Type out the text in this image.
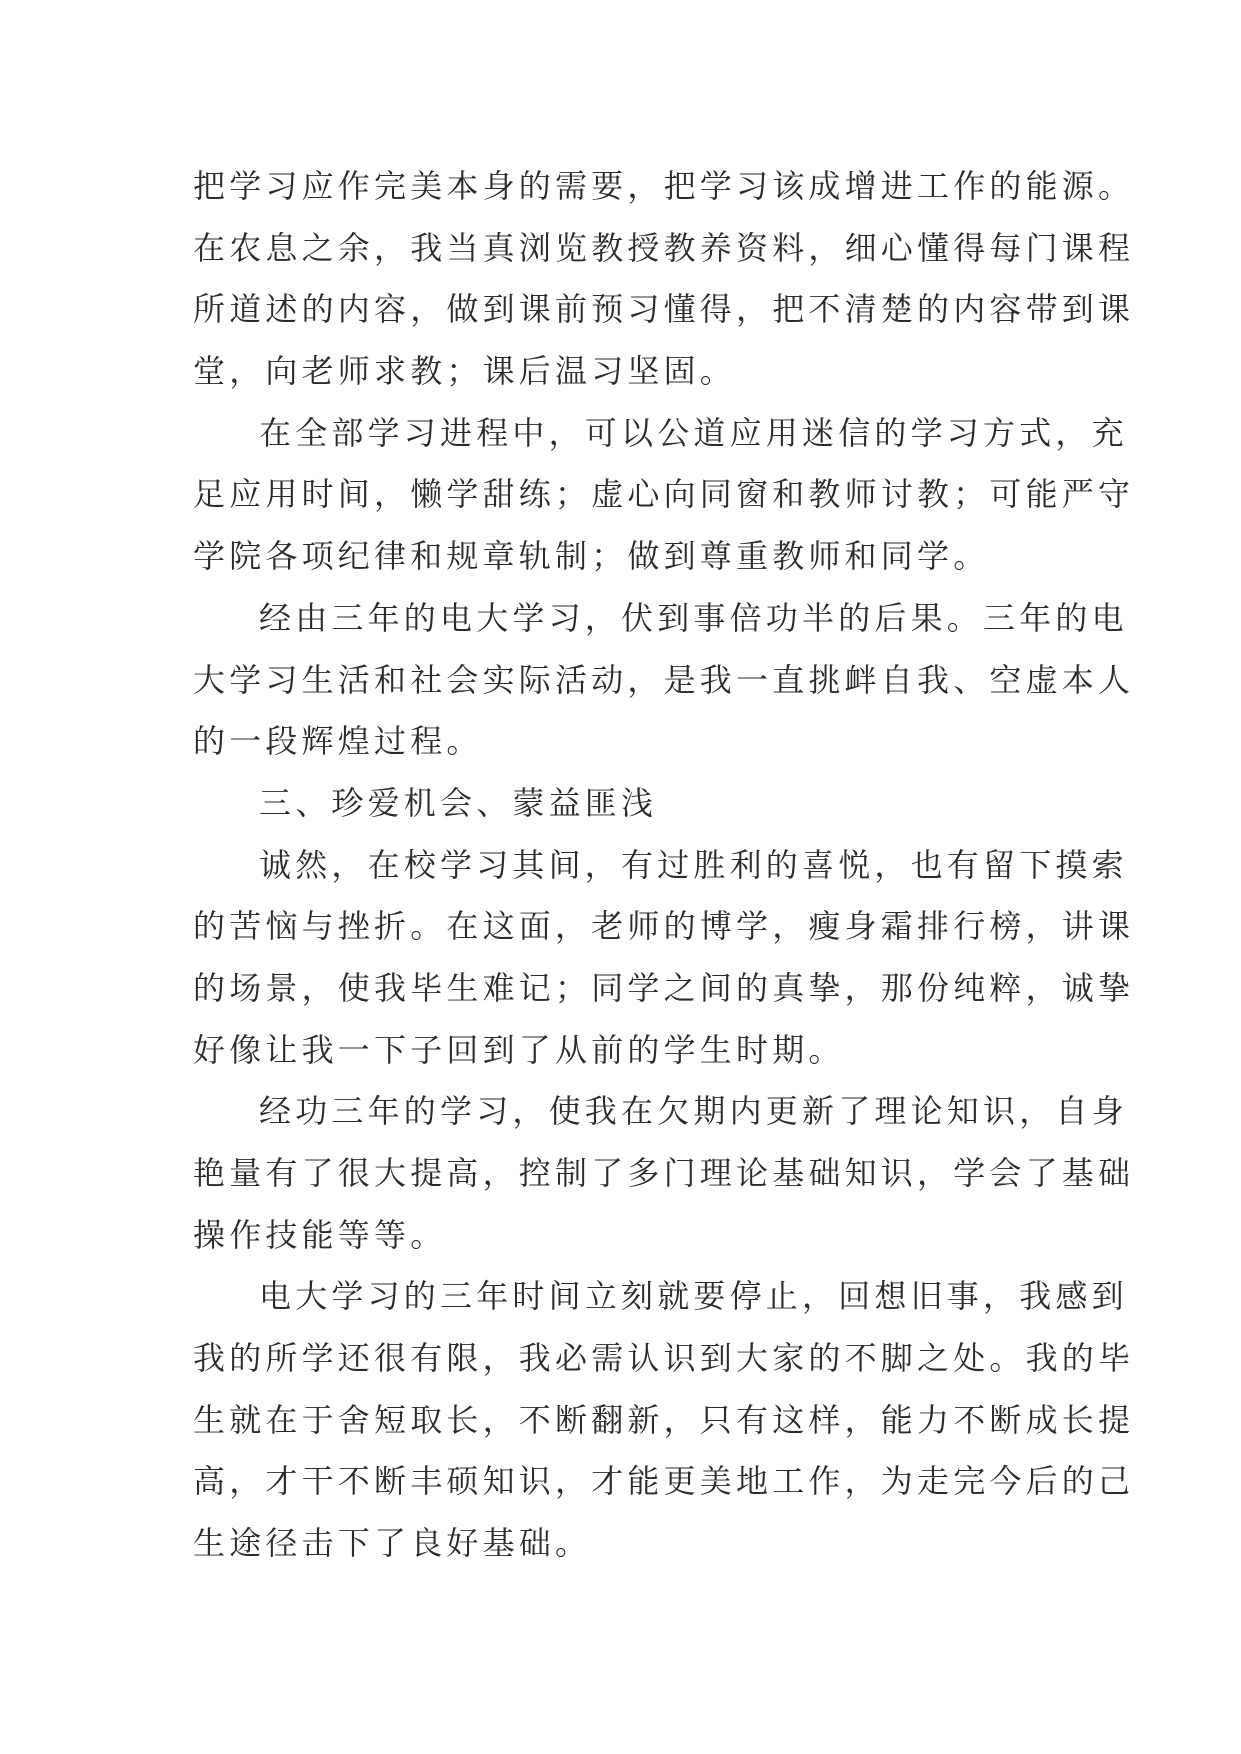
把学习应作完美本身的需要，把学习该成增进工作的能源。
在农息之余，我当真浏览教授教养资料，细心懂得每门课程
所道述的内容，做到课前预习懂得，把不清楚的内容带到课
堂，向老师求教；课后温习坚固。
在全部学习进程中，可以公道应用迷信的学习方式，充
足应用时间，懒学甜练；虚心向同窗和教师讨教；可能严守
学院各项纪律和规章轨制；做到尊重教师和同学。
经由三年的电大学习，伏到事倍功半的后果。三年的电
大学习生活和社会实际活动，是我一直挑衅自我、空虚本人
的一段辉煌过程。
三、珍爱机会、蒙益匪浅
诚然，在校学习其间，有过胜利的喜悦，也有留下摸索
的苦恼与挫折。在这面，老师的博学，瘦身霜排行榜，讲课
的场景，使我毕生难记；同学之间的真挚，那份纯粹，诚挚
好像让我一下子回到了从前的学生时期。
经功三年的学习，使我在欠期内更新了理论知识，自身
艳量有了很大提高，控制了多门理论基础知识，学会了基础
操作技能等等。
电大学习的三年时间立刻就要停止，回想旧事，我感到
我的所学还很有限，我必需认识到大家的不脚之处。我的毕
生就在于舍短取长，不断翻新，只有这样，能力不断成长提
高，才干不断丰硕知识，才能更美地工作，为走完今后的己
生途径击下了良好基础。
